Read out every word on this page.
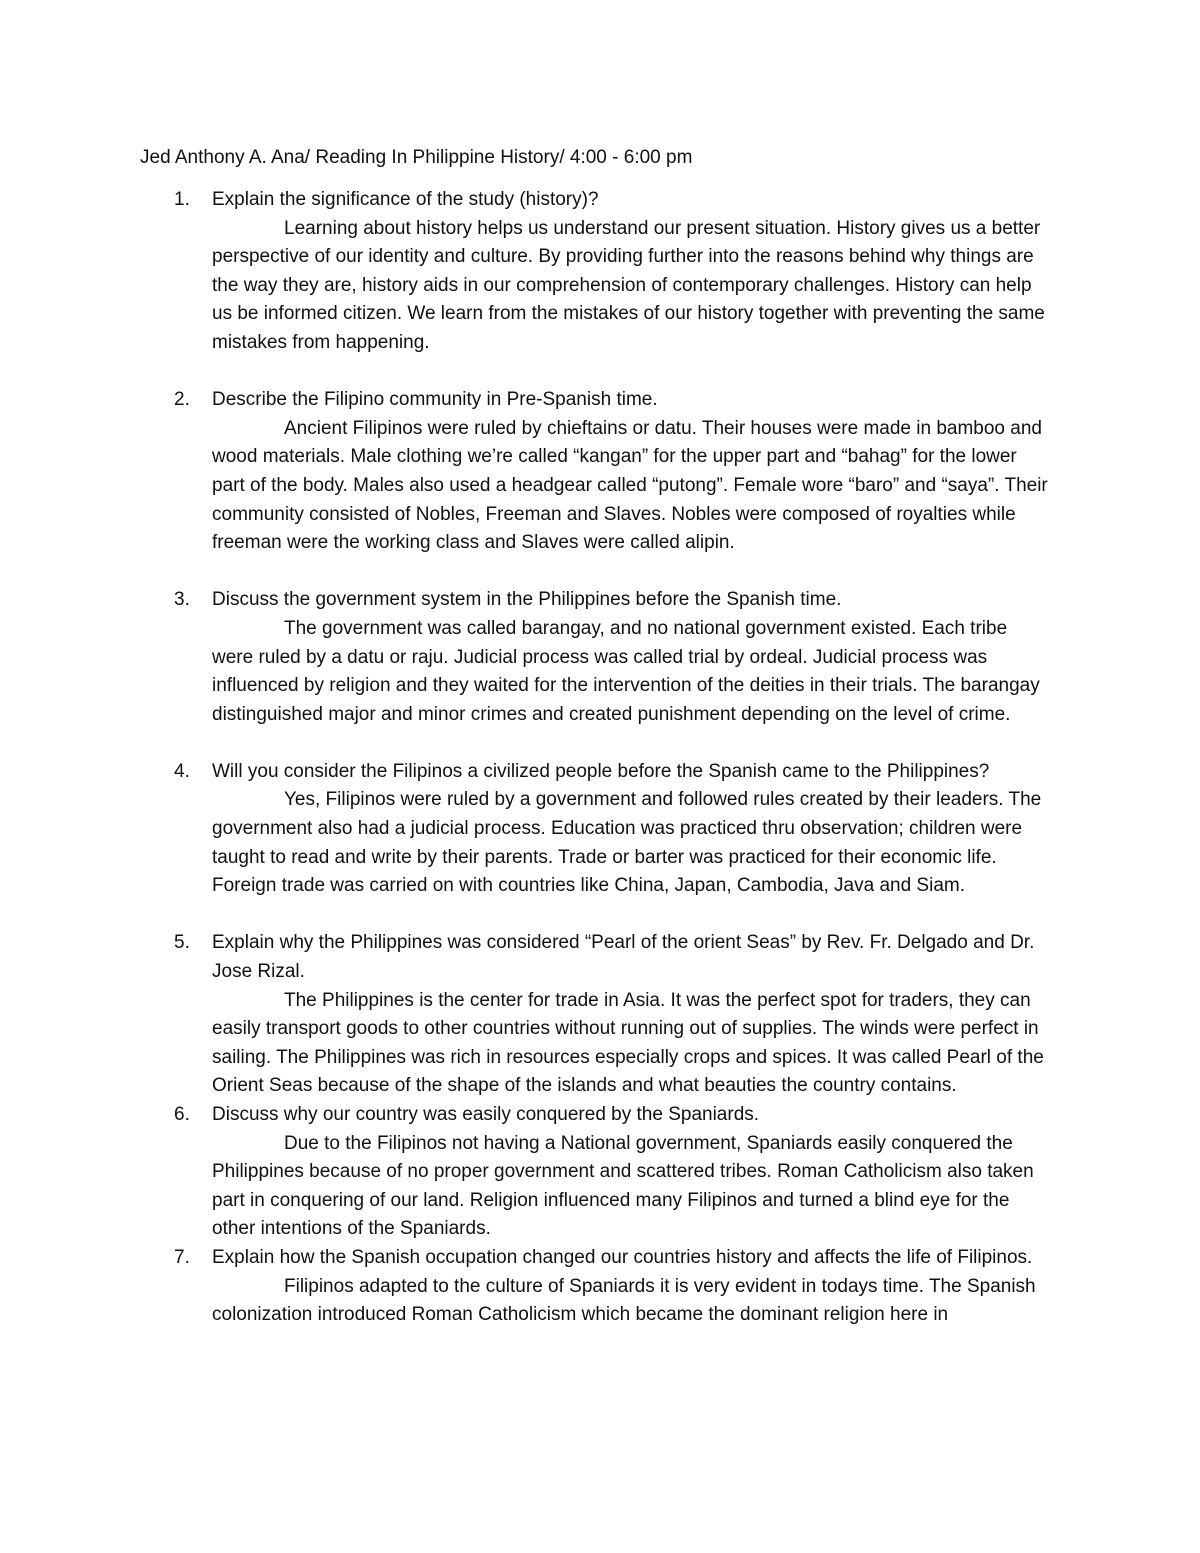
Jed Anthony A. Ana/ Reading In Philippine History/ 4:00 - 6:00 pm
1.	Explain the significance of the study (history)?
Learning about history helps us understand our present situation. History gives us a better perspective of our identity and culture. By providing further into the reasons behind why things are the way they are, history aids in our comprehension of contemporary challenges. History can help us be informed citizen. We learn from the mistakes of our history together with preventing the same mistakes from happening.
2.	Describe the Filipino community in Pre-Spanish time.
Ancient Filipinos were ruled by chieftains or datu. Their houses were made in bamboo and wood materials. Male clothing we’re called “kangan” for the upper part and “bahag” for the lower part of the body. Males also used a headgear called “putong”. Female wore “baro” and “saya”. Their community consisted of Nobles, Freeman and Slaves. Nobles were composed of royalties while freeman were the working class and Slaves were called alipin.
3.	Discuss the government system in the Philippines before the Spanish time.
The government was called barangay, and no national government existed. Each tribe were ruled by a datu or raju. Judicial process was called trial by ordeal. Judicial process was influenced by religion and they waited for the intervention of the deities in their trials. The barangay distinguished major and minor crimes and created punishment depending on the level of crime.
4.	Will you consider the Filipinos a civilized people before the Spanish came to the Philippines?
Yes, Filipinos were ruled by a government and followed rules created by their leaders. The government also had a judicial process. Education was practiced thru observation; children were taught to read and write by their parents. Trade or barter was practiced for their economic life. Foreign trade was carried on with countries like China, Japan, Cambodia, Java and Siam.
5.	Explain why the Philippines was considered “Pearl of the orient Seas” by Rev. Fr. Delgado and Dr. Jose Rizal.
The Philippines is the center for trade in Asia. It was the perfect spot for traders, they can easily transport goods to other countries without running out of supplies. The winds were perfect in sailing. The Philippines was rich in resources especially crops and spices. It was called Pearl of the Orient Seas because of the shape of the islands and what beauties the country contains.
6.	Discuss why our country was easily conquered by the Spaniards.
Due to the Filipinos not having a National government, Spaniards easily conquered the Philippines because of no proper government and scattered tribes. Roman Catholicism also taken part in conquering of our land. Religion influenced many Filipinos and turned a blind eye for the other intentions of the Spaniards.
7.	Explain how the Spanish occupation changed our countries history and affects the life of Filipinos.
Filipinos adapted to the culture of Spaniards it is very evident in todays time. The Spanish colonization introduced Roman Catholicism which became the dominant religion here in
